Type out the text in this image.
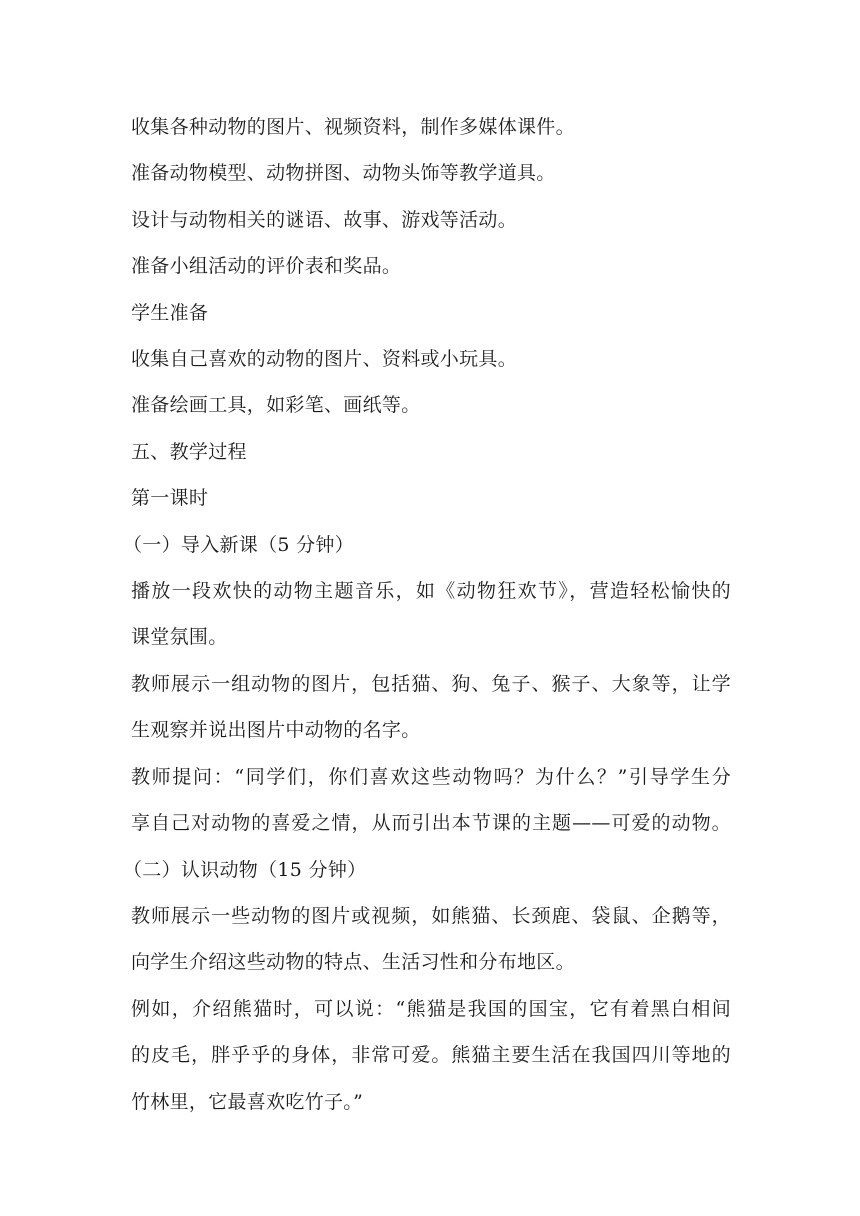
收集各种动物的图片、视频资料，制作多媒体课件。

准备动物模型、动物拼图、动物头饰等教学道具。

设计与动物相关的谜语、故事、游戏等活动。

准备小组活动的评价表和奖品。

学生准备

收集自己喜欢的动物的图片、资料或小玩具。

准备绘画工具，如彩笔、画纸等。

五、教学过程

第一课时

（一）导入新课（5 分钟）

播放一段欢快的动物主题音乐，如《动物狂欢节》，营造轻松愉快的

课堂氛围。

教师展示一组动物的图片，包括猫、狗、兔子、猴子、大象等，让学

生观察并说出图片中动物的名字。

教师提问：“同学们，你们喜欢这些动物吗？为什么？”引导学生分

享自己对动物的喜爱之情，从而引出本节课的主题——可爱的动物。

（二）认识动物（15 分钟）

教师展示一些动物的图片或视频，如熊猫、长颈鹿、袋鼠、企鹅等，

向学生介绍这些动物的特点、生活习性和分布地区。

例如，介绍熊猫时，可以说：“熊猫是我国的国宝，它有着黑白相间

的皮毛，胖乎乎的身体，非常可爱。熊猫主要生活在我国四川等地的

竹林里，它最喜欢吃竹子。”
